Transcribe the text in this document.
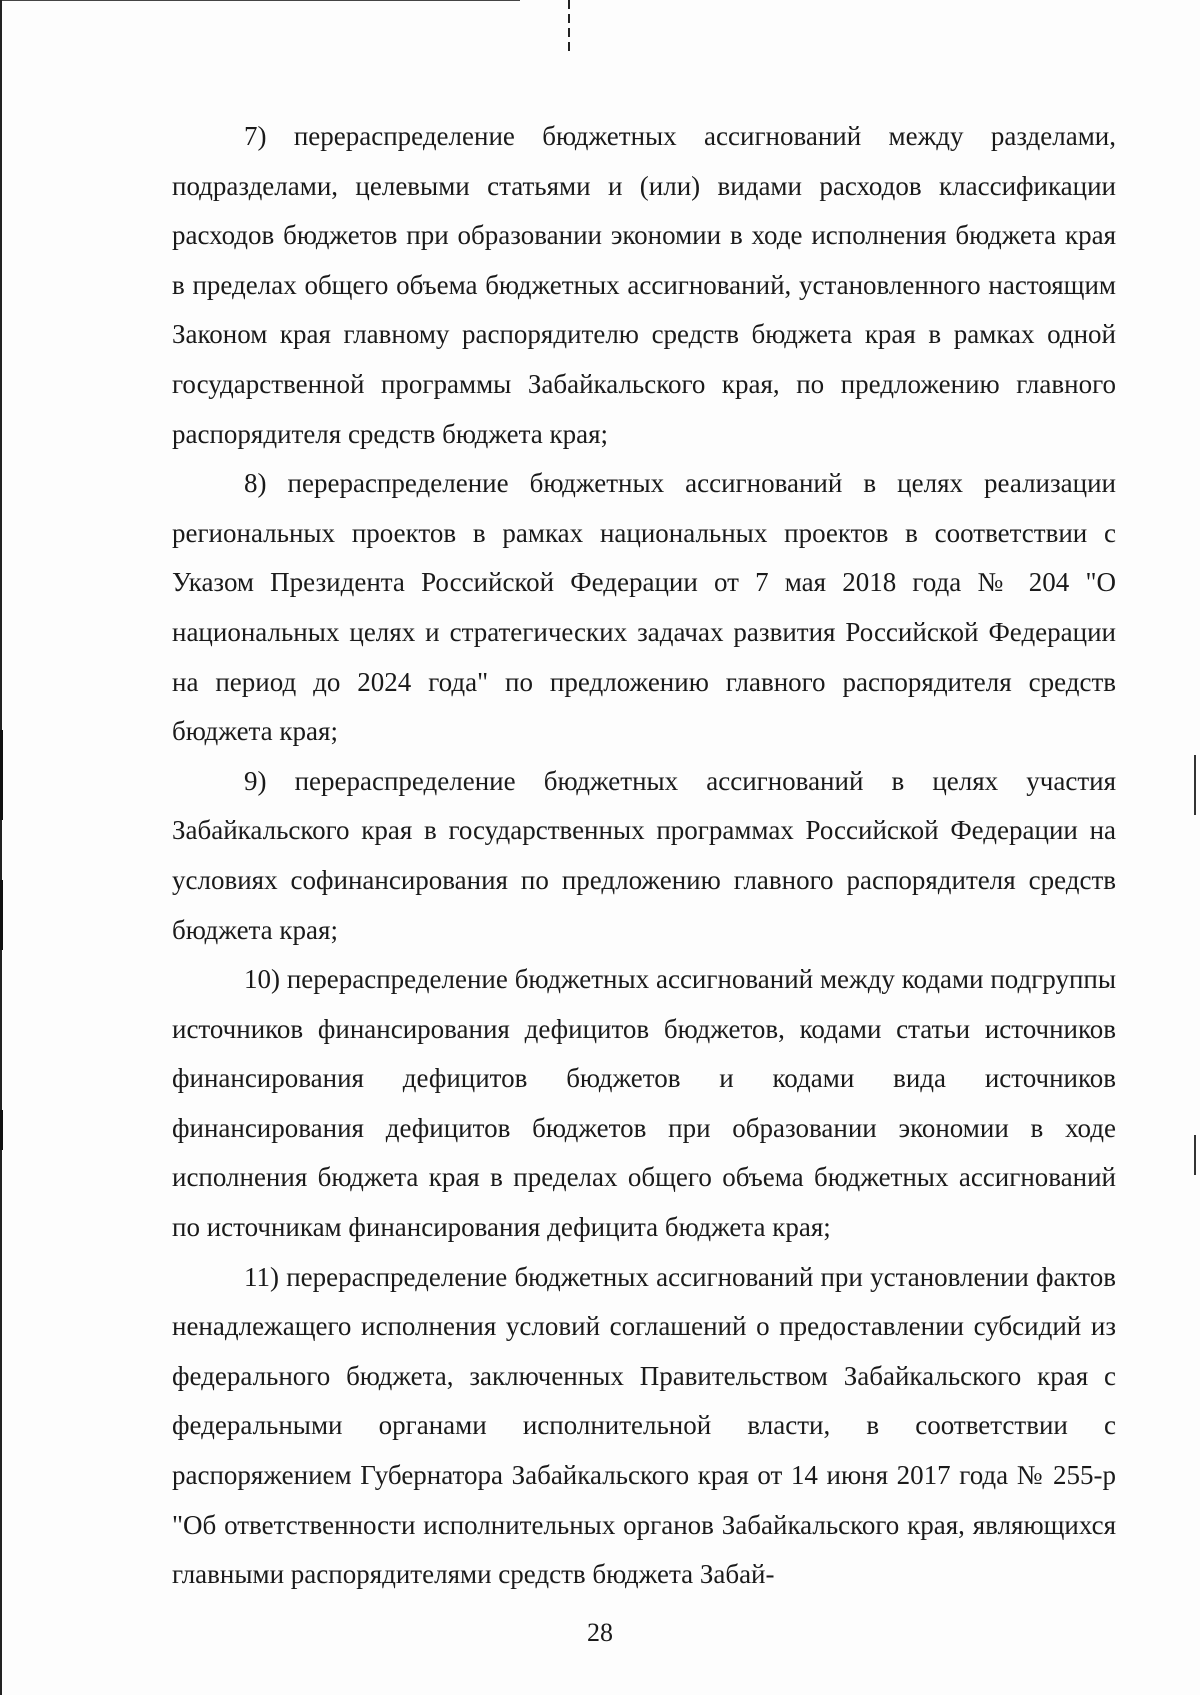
7) перераспределение бюджетных ассигнований между разделами, подразделами, целевыми статьями и (или) видами расходов классификации расходов бюджетов при образовании экономии в ходе исполнения бюджета края в пределах общего объема бюджетных ассигнований, установленного настоящим Законом края главному распорядителю средств бюджета края в рамках одной государственной программы Забайкальского края, по предложению главного распорядителя средств бюджета края;

8) перераспределение бюджетных ассигнований в целях реализации региональных проектов в рамках национальных проектов в соответствии с Указом Президента Российской Федерации от 7 мая 2018 года № 204 "О национальных целях и стратегических задачах развития Российской Федерации на период до 2024 года" по предложению главного распорядителя средств бюджета края;

9) перераспределение бюджетных ассигнований в целях участия Забайкальского края в государственных программах Российской Федерации на условиях софинансирования по предложению главного распорядителя средств бюджета края;

10) перераспределение бюджетных ассигнований между кодами подгруппы источников финансирования дефицитов бюджетов, кодами статьи источников финансирования дефицитов бюджетов и кодами вида источников финансирования дефицитов бюджетов при образовании экономии в ходе исполнения бюджета края в пределах общего объема бюджетных ассигнований по источникам финансирования дефицита бюджета края;

11) перераспределение бюджетных ассигнований при установлении фактов ненадлежащего исполнения условий соглашений о предоставлении субсидий из федерального бюджета, заключенных Правительством Забайкальского края с федеральными органами исполнительной власти, в соответствии с распоряжением Губернатора Забайкальского края от 14 июня 2017 года № 255-р "Об ответственности исполнительных органов Забайкальского края, являющихся главными распорядителями средств бюджета Забай-

28
